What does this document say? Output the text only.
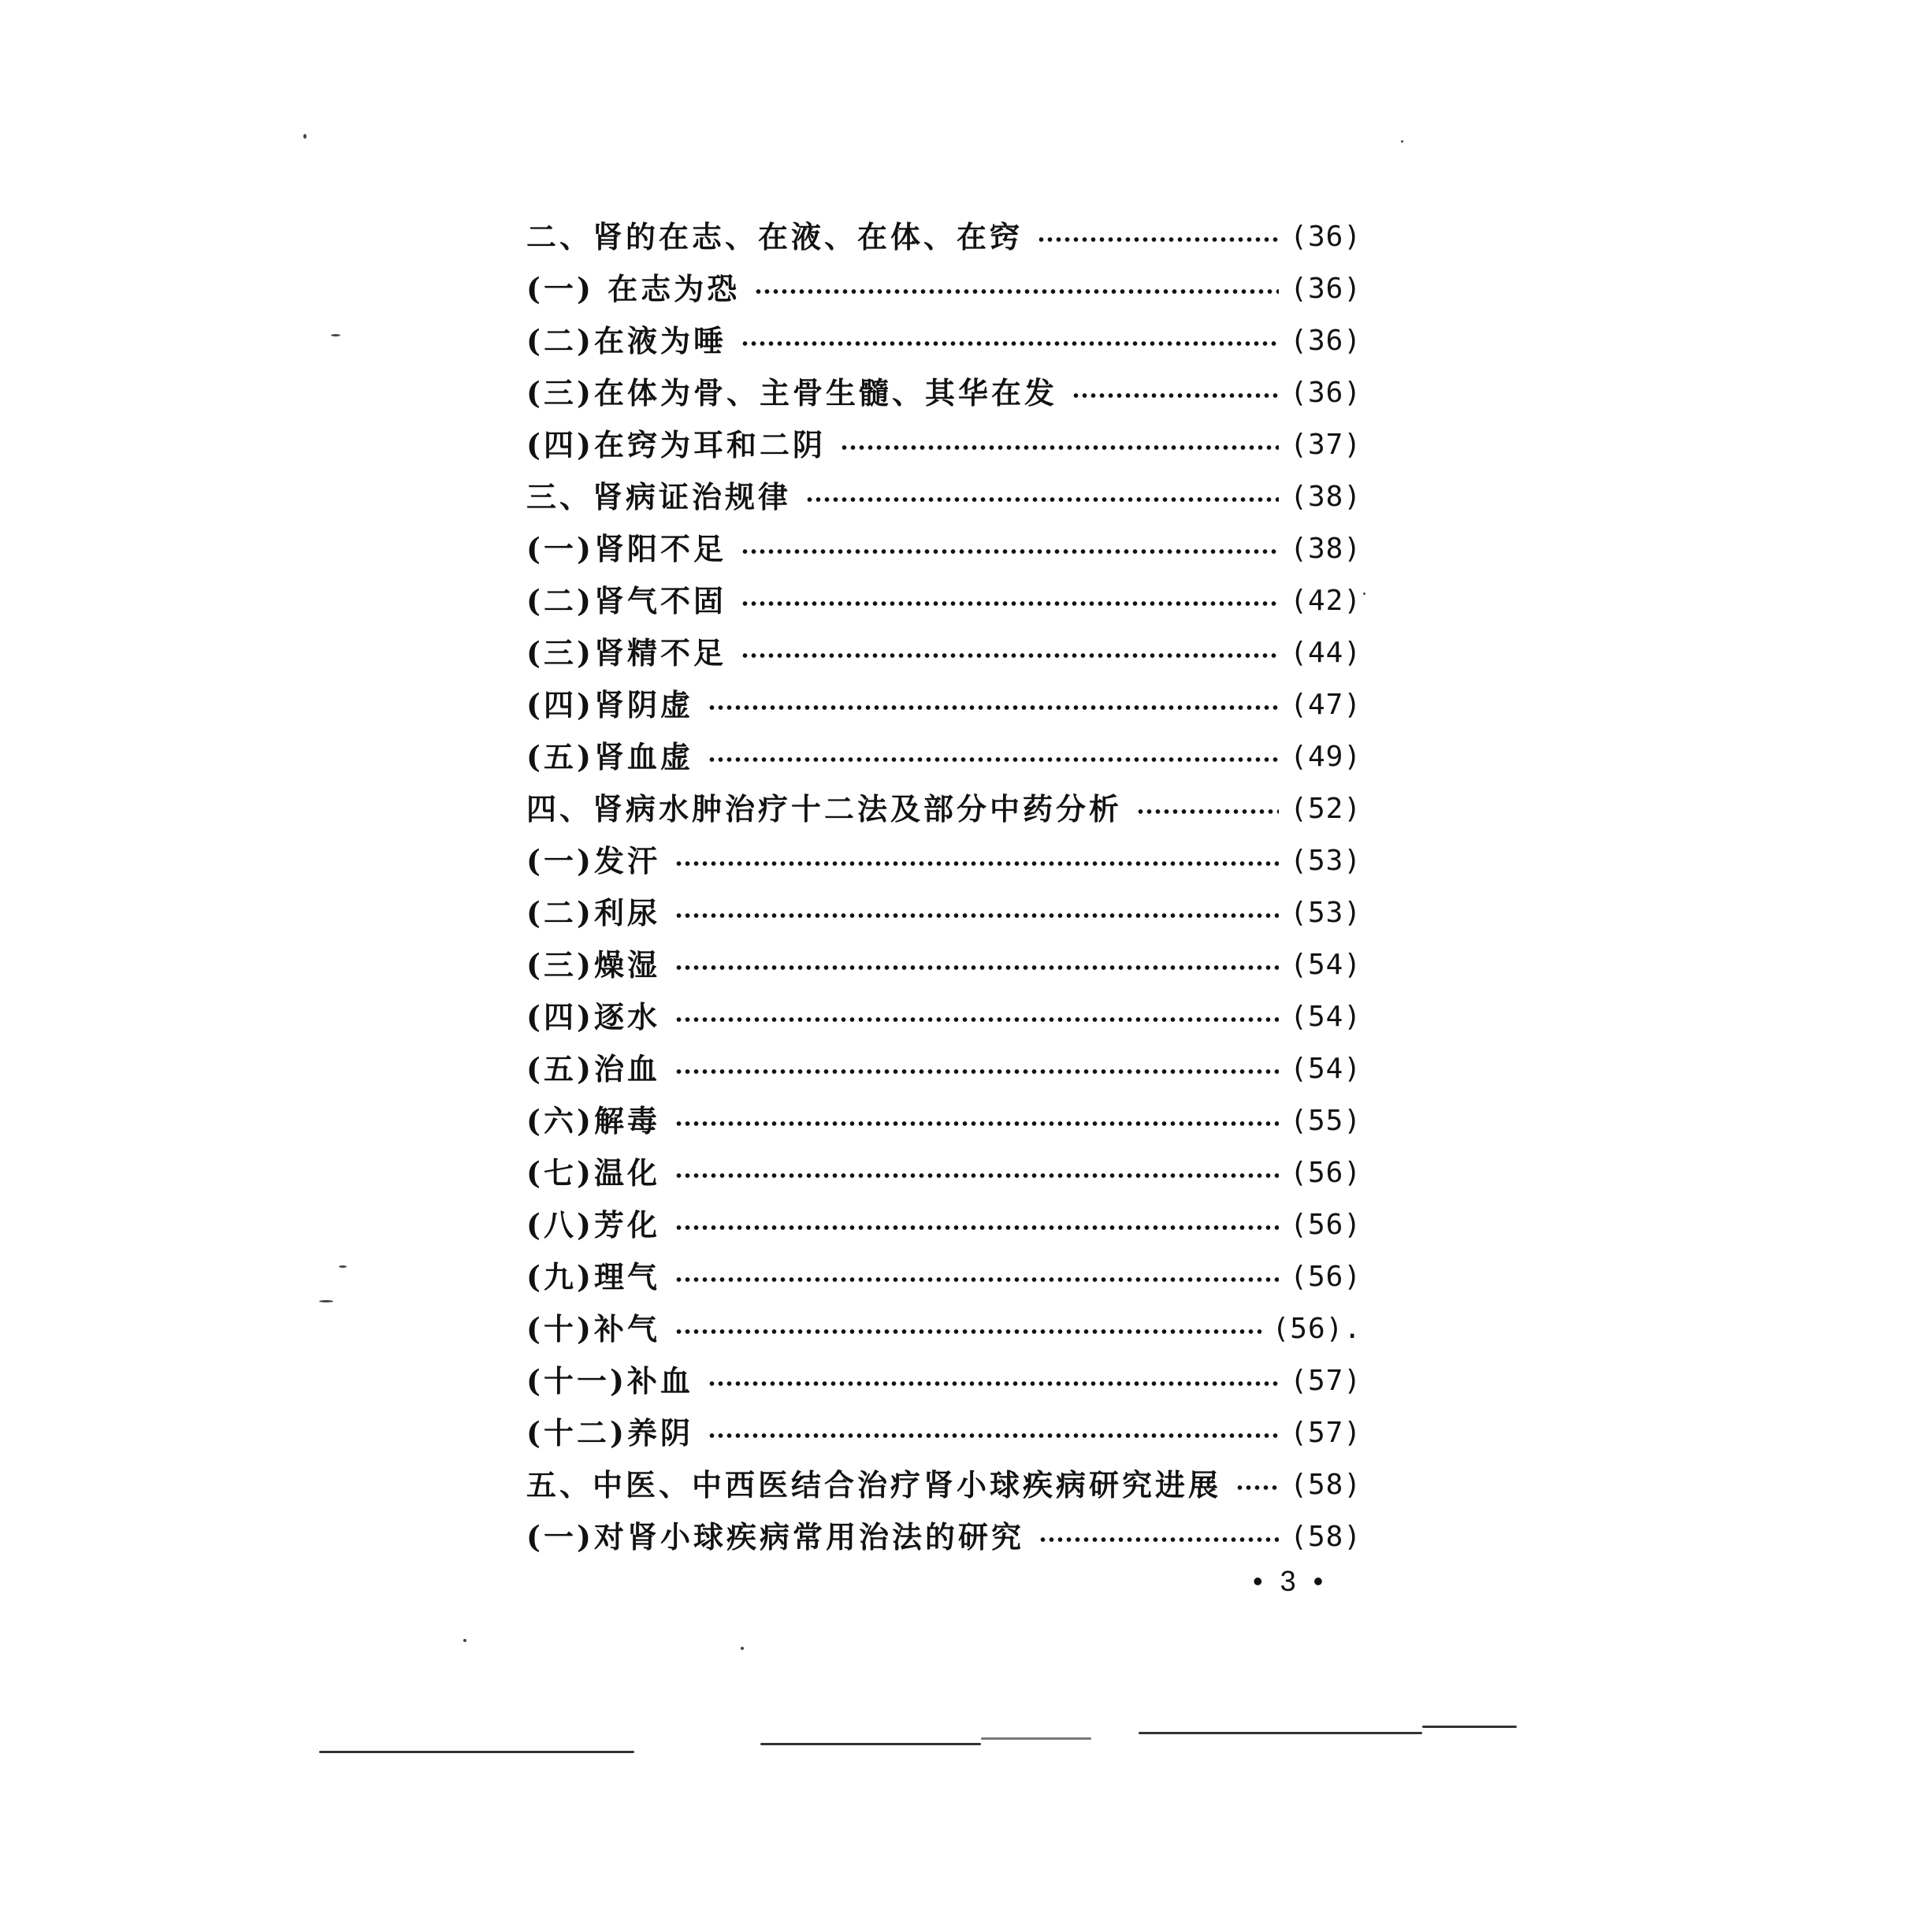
二、肾的在志、在液、在体、在窍	(36)
(一) 在志为恐	(36)
(二)在液为唾	(36)
(三)在体为骨、主骨生髓、其华在发	(36)
(四)在窍为耳和二阴	(37)
三、肾病证治规律	(38)
(一)肾阳不足	(38)
(二)肾气不固	(42)
(三)肾精不足	(44)
(四)肾阴虚	(47)
(五)肾血虚	(49)
四、肾病水肿治疗十二法及部分中药分析	(52)
(一)发汗	(53)
(二)利尿	(53)
(三)燥湿	(54)
(四)逐水	(54)
(五)治血	(54)
(六)解毒	(55)
(七)温化	(56)
(八)芳化	(56)
(九)理气	(56)
(十)补气	(56).
(十一)补血	(57)
(十二)养阴	(57)
五、中医、中西医结合治疗肾小球疾病研究进展 (58)
(一)对肾小球疾病常用治法的研究	(58)
• 3 •
